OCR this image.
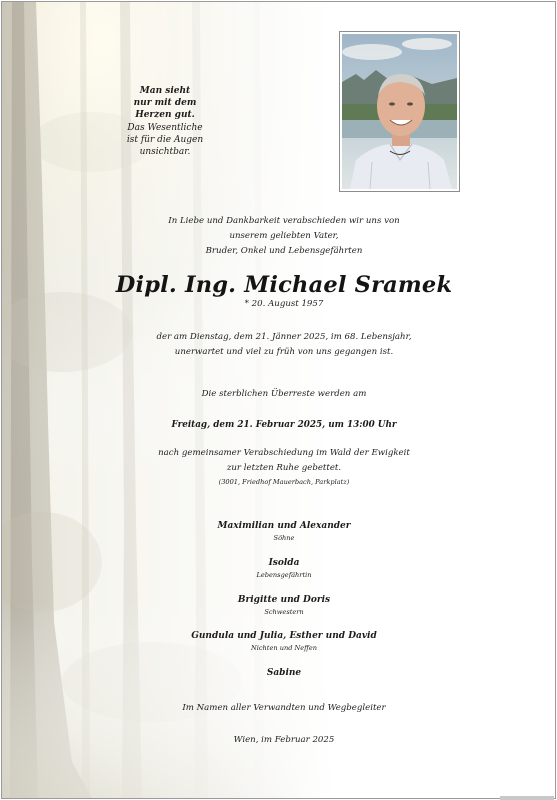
Man sieht
nur mit dem
Herzen gut.
Das Wesentliche
ist für die Augen
unsichtbar.
In Liebe und Dankbarkeit verabschieden wir uns von
unserem geliebten Vater,
Bruder, Onkel und Lebensgefährten
Dipl. Ing. Michael Sramek
* 20. August 1957
der am Dienstag, dem 21. Jänner 2025, im 68. Lebensjahr,
unerwartet und viel zu früh von uns gegangen ist.
Die sterblichen Überreste werden am
Freitag, dem 21. Februar 2025, um 13:00 Uhr
nach gemeinsamer Verabschiedung im Wald der Ewigkeit
zur letzten Ruhe gebettet.
(3001, Friedhof Mauerbach, Parkplatz)
Maximilian und Alexander
Söhne
Isolda
Lebensgefährtin
Brigitte und Doris
Schwestern
Gundula und Julia, Esther und David
Nichten und Neffen
Sabine
Im Namen aller Verwandten und Wegbegleiter
Wien, im Februar 2025
